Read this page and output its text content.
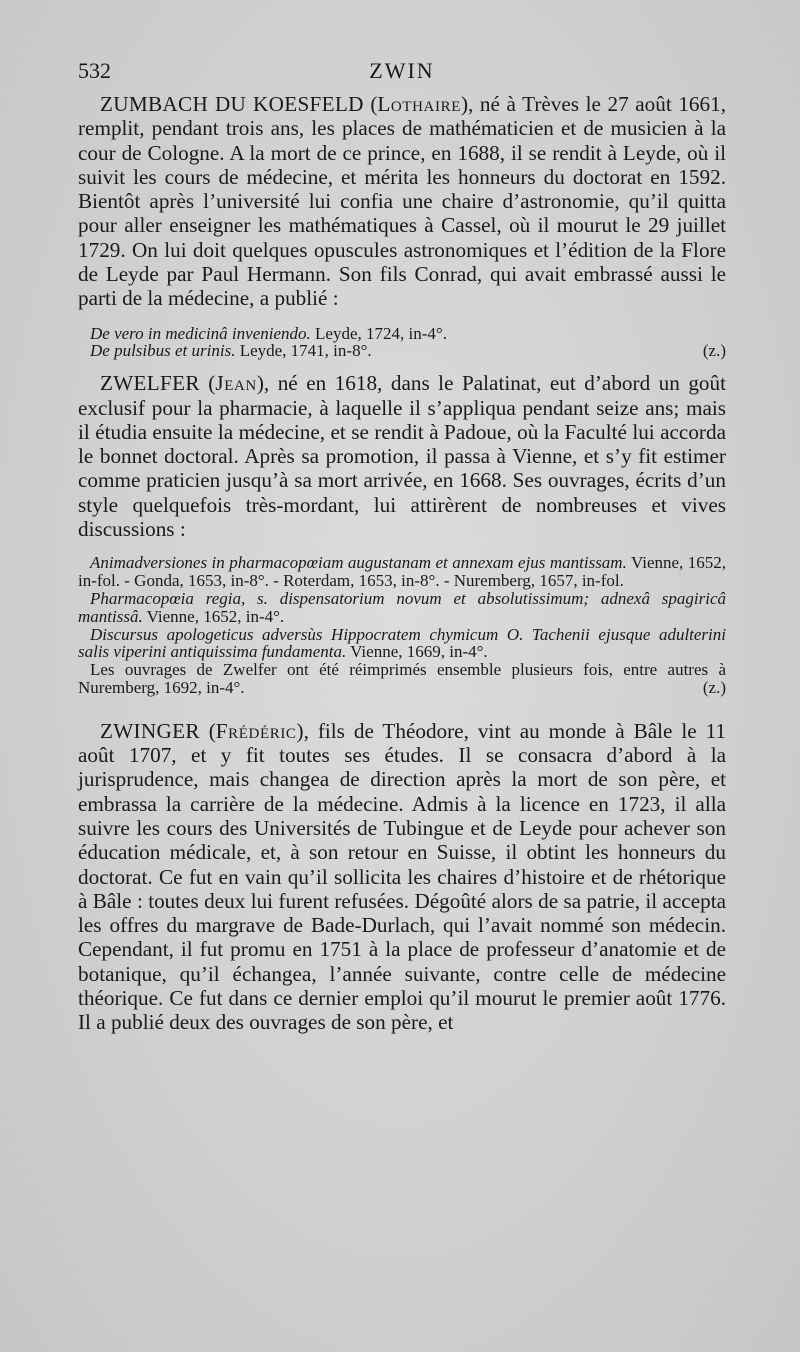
532	ZWIN

ZUMBACH DU KOESFELD (Lothaire), né à Trèves le 27 août 1661, remplit, pendant trois ans, les places de mathématicien et de musicien à la cour de Cologne. A la mort de ce prince, en 1688, il se rendit à Leyde, où il suivit les cours de médecine, et mérita les honneurs du doctorat en 1592. Bientôt après l’université lui confia une chaire d’astronomie, qu’il quitta pour aller enseigner les mathématiques à Cassel, où il mourut le 29 juillet 1729. On lui doit quelques opuscules astronomiques et l’édition de la Flore de Leyde par Paul Hermann. Son fils Conrad, qui avait embrassé aussi le parti de la médecine, a publié :

De vero in medicinâ inveniendo. Leyde, 1724, in-4°.

De pulsibus et urinis. Leyde, 1741, in-8°.	(z.)

ZWELFER (Jean), né en 1618, dans le Palatinat, eut d’abord un goût exclusif pour la pharmacie, à laquelle il s’appliqua pendant seize ans; mais il étudia ensuite la médecine, et se rendit à Padoue, où la Faculté lui accorda le bonnet doctoral. Après sa promotion, il passa à Vienne, et s’y fit estimer comme praticien jusqu’à sa mort arrivée, en 1668. Ses ouvrages, écrits d’un style quelquefois très-mordant, lui attirèrent de nombreuses et vives discussions :

Animadversiones in pharmacopœiam augustanam et annexam ejus mantissam. Vienne, 1652, in-fol. - Gonda, 1653, in-8°. - Roterdam, 1653, in-8°. - Nuremberg, 1657, in-fol.

Pharmacopœia regia, s. dispensatorium novum et absolutissimum; adnexâ spagiricâ mantissâ. Vienne, 1652, in-4°.

Discursus apologeticus adversùs Hippocratem chymicum O. Tachenii ejusque adulterini salis viperini antiquissima fundamenta. Vienne, 1669, in-4°.

Les ouvrages de Zwelfer ont été réimprimés ensemble plusieurs fois, entre autres à Nuremberg, 1692, in-4°.	(z.)

ZWINGER (Frédéric), fils de Théodore, vint au monde à Bâle le 11 août 1707, et y fit toutes ses études. Il se consacra d’abord à la jurisprudence, mais changea de direction après la mort de son père, et embrassa la carrière de la médecine. Admis à la licence en 1723, il alla suivre les cours des Universités de Tubingue et de Leyde pour achever son éducation médicale, et, à son retour en Suisse, il obtint les honneurs du doctorat. Ce fut en vain qu’il sollicita les chaires d’histoire et de rhétorique à Bâle : toutes deux lui furent refusées. Dégoûté alors de sa patrie, il accepta les offres du margrave de Bade-Durlach, qui l’avait nommé son médecin. Cependant, il fut promu en 1751 à la place de professeur d’anatomie et de botanique, qu’il échangea, l’année suivante, contre celle de médecine théorique. Ce fut dans ce dernier emploi qu’il mourut le premier août 1776. Il a publié deux des ouvrages de son père, et
